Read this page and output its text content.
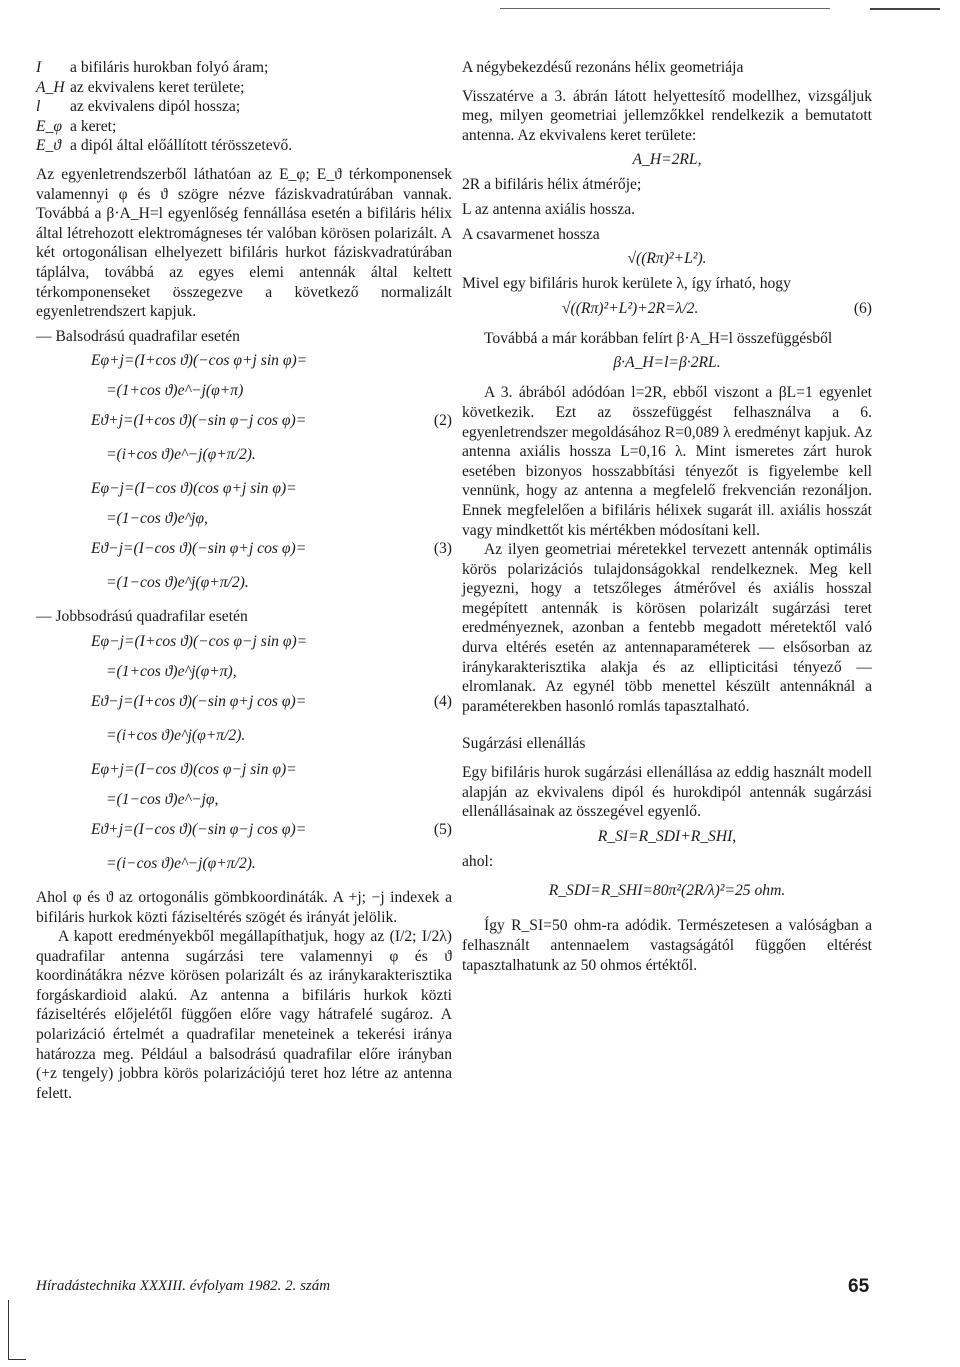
I	a bifiláris hurokban folyó áram;
A_H az ekvivalens keret területe;
l	az ekvivalens dipól hossza;
E_φ a keret;
E_ϑ a dipól által előállított térösszetevő.

Az egyenletrendszerből láthatóan az E_φ; E_ϑ térkomponensek valamennyi φ és ϑ szögre nézve fáziskvadratúrában vannak. Továbbá a β·A_H=l egyenlőség fennállása esetén a bifiláris hélix által létrehozott elektromágneses tér valóban körösen polarizált. A két ortogonálisan elhelyezett bifiláris hurkot fáziskvadratúrában táplálva, továbbá az egyes elemi antennák által keltett térkomponenseket összegezve a következő normalizált egyenletrendszert kapjuk.

— Balsodrású quadrafilar esetén

Eφ+j=(I+cos ϑ)(−cos φ+j sin φ)=
=(1+cos ϑ)e^−j(φ+π)
Eϑ+j=(I+cos ϑ)(−sin φ−j cos φ)=	(2)
=(i+cos ϑ)e^−j(φ+π/2).
Eφ−j=(I−cos ϑ)(cos φ+j sin φ)=
=(1−cos ϑ)e^jφ,
Eϑ−j=(I−cos ϑ)(−sin φ+j cos φ)=	(3)
=(1−cos ϑ)e^j(φ+π/2).

— Jobbsodrású quadrafilar esetén

Eφ−j=(I+cos ϑ)(−cos φ−j sin φ)=
=(1+cos ϑ)e^j(φ+π),
Eϑ−j=(I+cos ϑ)(−sin φ+j cos φ)=	(4)
=(i+cos ϑ)e^j(φ+π/2).
Eφ+j=(I−cos ϑ)(cos φ−j sin φ)=
=(1−cos ϑ)e^−jφ,
Eϑ+j=(I−cos ϑ)(−sin φ−j cos φ)=	(5)
=(i−cos ϑ)e^−j(φ+π/2).

Ahol φ és ϑ az ortogonális gömbkoordináták. A +j; −j indexek a bifiláris hurkok közti fáziseltérés szögét és irányát jelölik.

A kapott eredményekből megállapíthatjuk, hogy az (I/2; I/2λ) quadrafilar antenna sugárzási tere valamennyi φ és ϑ koordinátákra nézve körösen polarizált és az iránykarakterisztika forgáskardioid alakú. Az antenna a bifiláris hurkok közti fáziseltérés előjelétől függően előre vagy hátrafelé sugároz. A polarizáció értelmét a quadrafilar meneteinek a tekerési iránya határozza meg. Például a balsodrású quadrafilar előre irányban (+z tengely) jobbra körös polarizációjú teret hoz létre az antenna felett.

A négybekezdésű rezonáns hélix geometriája

Visszatérve a 3. ábrán látott helyettesítő modellhez, vizsgáljuk meg, milyen geometriai jellemzőkkel rendelkezik a bemutatott antenna. Az ekvivalens keret területe:

A_H=2RL,

2R a bifiláris hélix átmérője;

L az antenna axiális hossza.

A csavarmenet hossza

√((Rπ)²+L²).

Mivel egy bifiláris hurok kerülete λ, így írható, hogy

√((Rπ)²+L²)+2R=λ/2.	(6)

Továbbá a már korábban felírt β·A_H=l összefüggésből

β·A_H=l=β·2RL.

A 3. ábrából adódóan l=2R, ebből viszont a βL=1 egyenlet következik. Ezt az összefüggést felhasználva a 6. egyenletrendszer megoldásához R=0,089 λ eredményt kapjuk. Az antenna axiális hossza L=0,16 λ. Mint ismeretes zárt hurok esetében bizonyos hosszabbítási tényezőt is figyelembe kell vennünk, hogy az antenna a megfelelő frekvencián rezonáljon. Ennek megfelelően a bifiláris hélixek sugarát ill. axiális hosszát vagy mindkettőt kis mértékben módosítani kell.

Az ilyen geometriai méretekkel tervezett antennák optimális körös polarizációs tulajdonságokkal rendelkeznek. Meg kell jegyezni, hogy a tetszőleges átmérővel és axiális hosszal megépített antennák is körösen polarizált sugárzási teret eredményeznek, azonban a fentebb megadott méretektől való durva eltérés esetén az antennaparaméterek — elsősorban az iránykarakterisztika alakja és az ellipticitási tényező — elromlanak. Az egynél több menettel készült antennáknál a paraméterekben hasonló romlás tapasztalható.

Sugárzási ellenállás

Egy bifiláris hurok sugárzási ellenállása az eddig használt modell alapján az ekvivalens dipól és hurokdipól antennák sugárzási ellenállásainak az összegével egyenlő.

R_SI=R_SDI+R_SHI,

ahol:

R_SDI=R_SHI=80π²(2R/λ)²=25 ohm.

Így R_SI=50 ohm-ra adódik. Természetesen a valóságban a felhasznált antennaelem vastagságától függően eltérést tapasztalhatunk az 50 ohmos értéktől.

Híradástechnika XXXIII. évfolyam 1982. 2. szám	65
